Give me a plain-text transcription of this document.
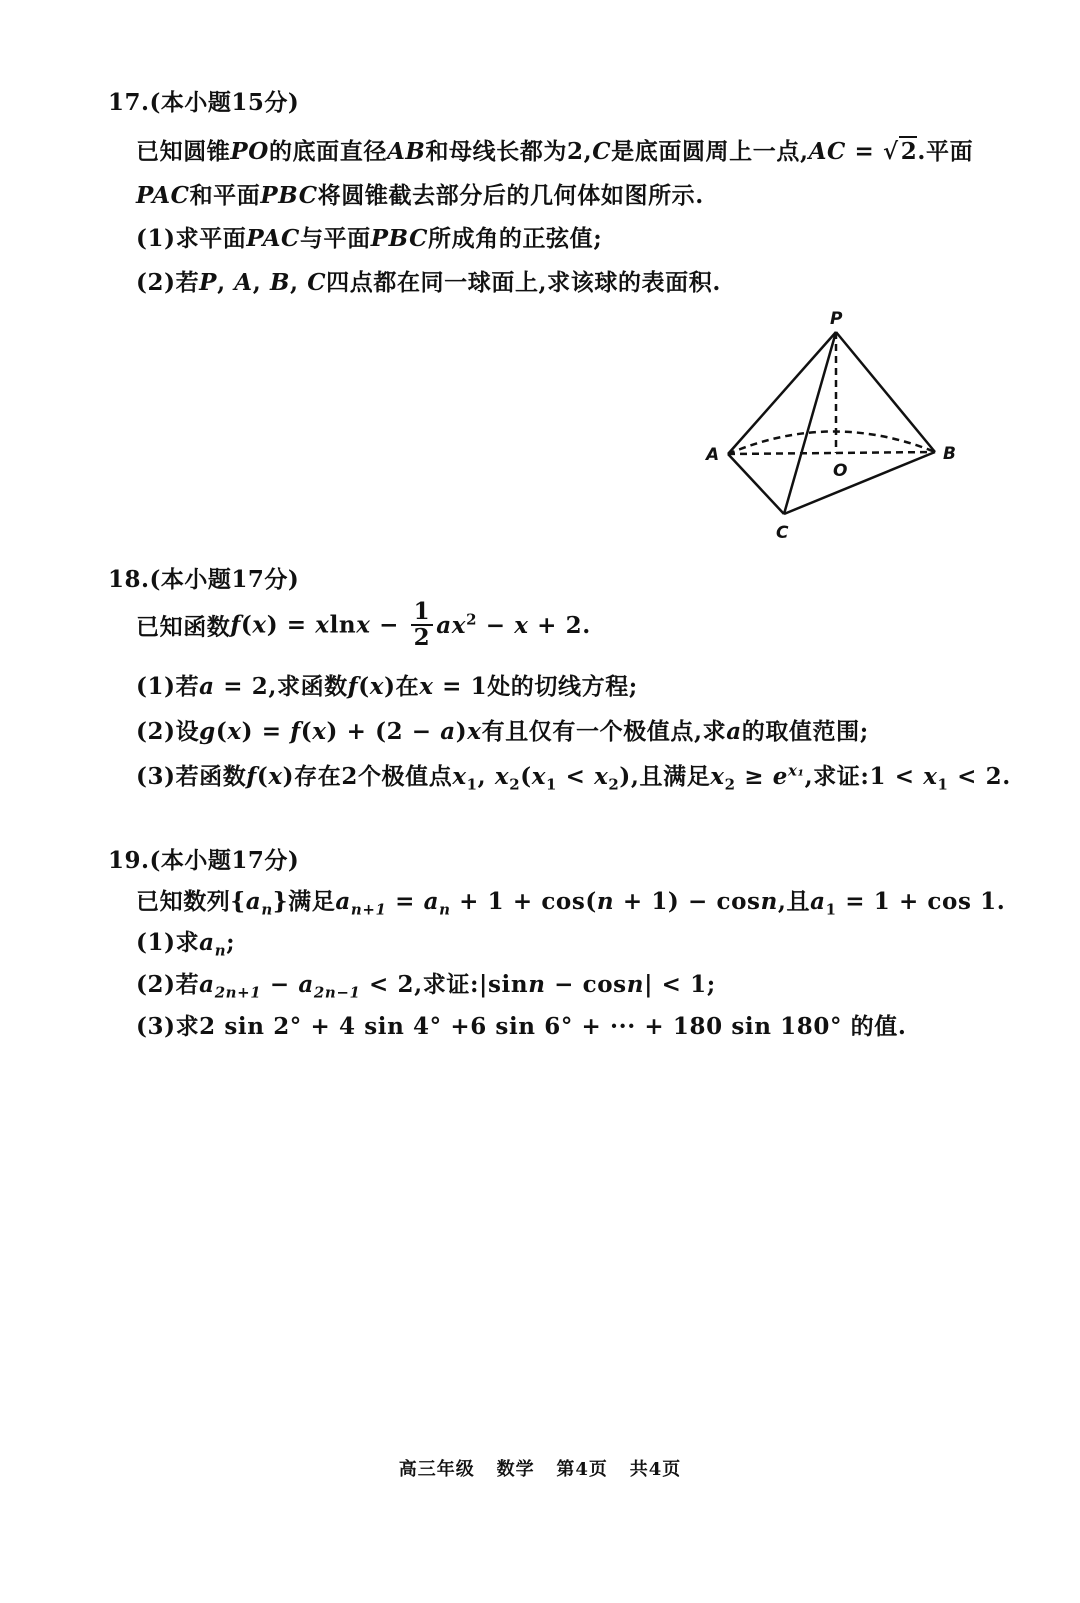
17.(本小题15分)
已知圆锥PO的底面直径AB和母线长都为2,C是底面圆周上一点,AC = √2.平面
PAC和平面PBC将圆锥截去部分后的几何体如图所示.
(1)求平面PAC与平面PBC所成角的正弦值;
(2)若P, A, B, C四点都在同一球面上,求该球的表面积.
P
A	B
O
C
18.(本小题17分)
已知函数$f(x) = xlnx - \frac{1}{2} ax^2 - x + 2$.
(1)若a = 2,求函数f(x)在x = 1处的切线方程;
(2)设g(x) = f(x) + (2 − a)x有且仅有一个极值点,求a的取值范围;
(3)若函数f(x)存在2个极值点$x_1$, $x_2(x_1 < x_2)$,且满足$x_2 \ge e^{x_1}$,求证:1 < $x_1 < 2$.
19.(本小题17分)
已知数列$\{a_n\}$满足$a_{n+1} = a_n + 1 + \cos(n + 1) - \cos n$,且$a_1 = 1 + \cos 1$.
(1)求$a_n$;
(2)若$a_{2n+1} - a_{2n-1} < 2$,求证:|sinn − cosn| < 1;
(3)求2 sin 2° + 4 sin 4° +6 sin 6° + ··· + 180 sin 180° 的值.
高三年级   数学   第4页   共4页
